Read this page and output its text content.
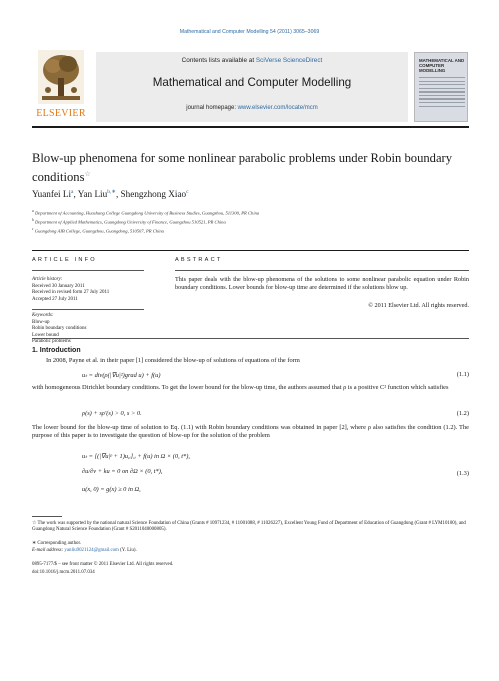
Mathematical and Computer Modelling 54 (2011) 3065–3069
ELSEVIER
Contents lists available at SciVerse ScienceDirect
Mathematical and Computer Modelling
journal homepage: www.elsevier.com/locate/mcm
MATHEMATICAL AND COMPUTER MODELLING
Blow-up phenomena for some nonlinear parabolic problems under Robin boundary conditions☆
Yuanfei Li$^a$, Yan Liu$^{b,∗}$, Shengzhong Xiao$^c$
$^a$ Department of Accounting, Huashang College Guangdong University of Business Studies, Guangzhou, 511300, PR China
$^b$ Department of Applied Mathematics, Guangdong University of Finance, Guangzhou 510521, PR China
$^c$ Guangdong AIB College, Guangzhou, Guangdong, 510507, PR China
ARTICLE INFO
Article history:
Received 30 January 2011
Received in revised form 27 July 2011
Accepted 27 July 2011
Keywords:
Blow-up
Robin boundary conditions
Lower bound
Parabolic problems
ABSTRACT
This paper deals with the blow-up phenomena of the solutions to some nonlinear parabolic equation under Robin boundary conditions. Lower bounds for blow-up time are determined if the solutions blow up.
© 2011 Elsevier Ltd. All rights reserved.
1. Introduction
In 2008, Payne et al. in their paper [1] considered the blow-up of solutions of equations of the form
uₜ = div(ρ(|∇u|²)grad u) + f(u)	(1.1)
with homogeneous Dirichlet boundary conditions. To get the lower bound for the blow-up time, the authors assumed that ρ is a positive C² function which satisfies
ρ(s) + sρ′(s) > 0, s > 0.	(1.2)
The lower bound for the blow-up time of solution to Eq. (1.1) with Robin boundary conditions was obtained in paper [2], where ρ also satisfies the condition (1.2). The purpose of this paper is to investigate the question of blow-up for the solution of the problem
uₜ = [(|∇u|ᵖ + 1)u,ᵢ],ᵢ + f(u) in Ω × (0, t*),
∂u/∂ν + ku = 0 on ∂Ω × (0, t*),
u(x, 0) = g(x) ≥ 0 in Ω,
(1.3)
☆ The work was supported by the national natural Science Foundation of China (Grants # 10971234, # 11001088, # 11026227), Excellent Young Fund of Department of Education of Guangdong (Grant # LYM10100), and Guangdong Natural Science Foundation (Grant # S2011040000805).
∗ Corresponding author.
E-mail address: yanliu9021124@gmail.com (Y. Liu).
0895-7177/$ – see front matter © 2011 Elsevier Ltd. All rights reserved.
doi:10.1016/j.mcm.2011.07.034
